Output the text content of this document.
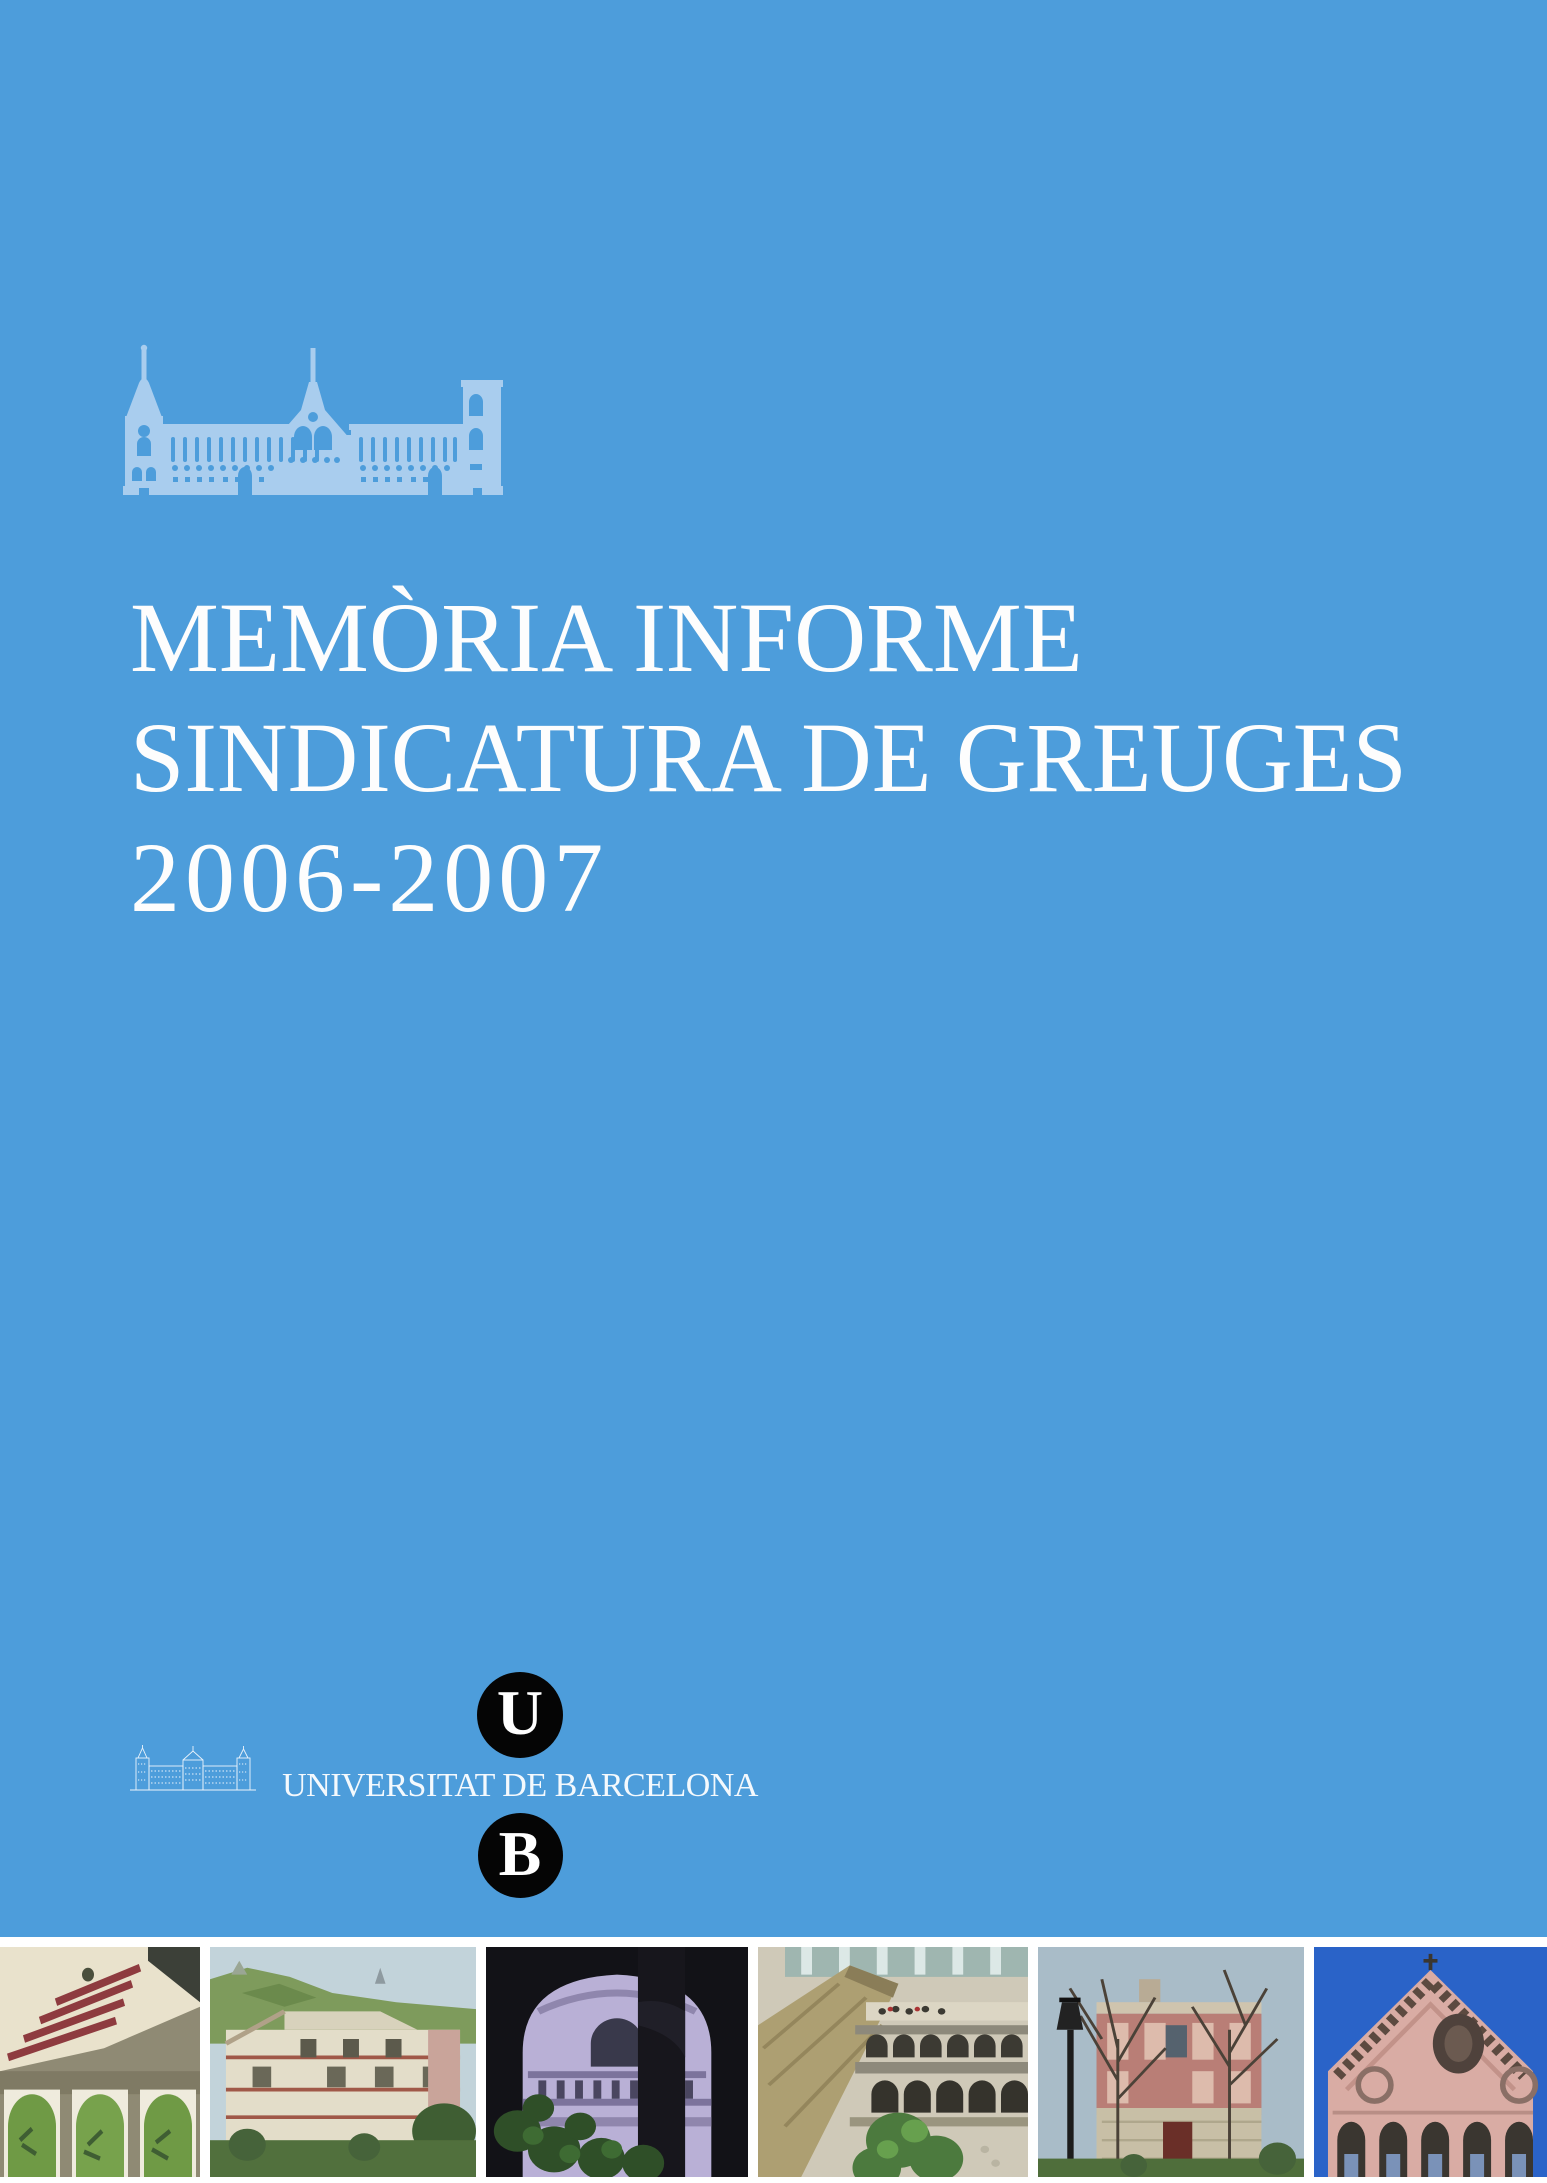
MEMÒRIA INFORME
SINDICATURA DE GREUGES
2006-2007
U
UNIVERSITAT DE BARCELONA
B
